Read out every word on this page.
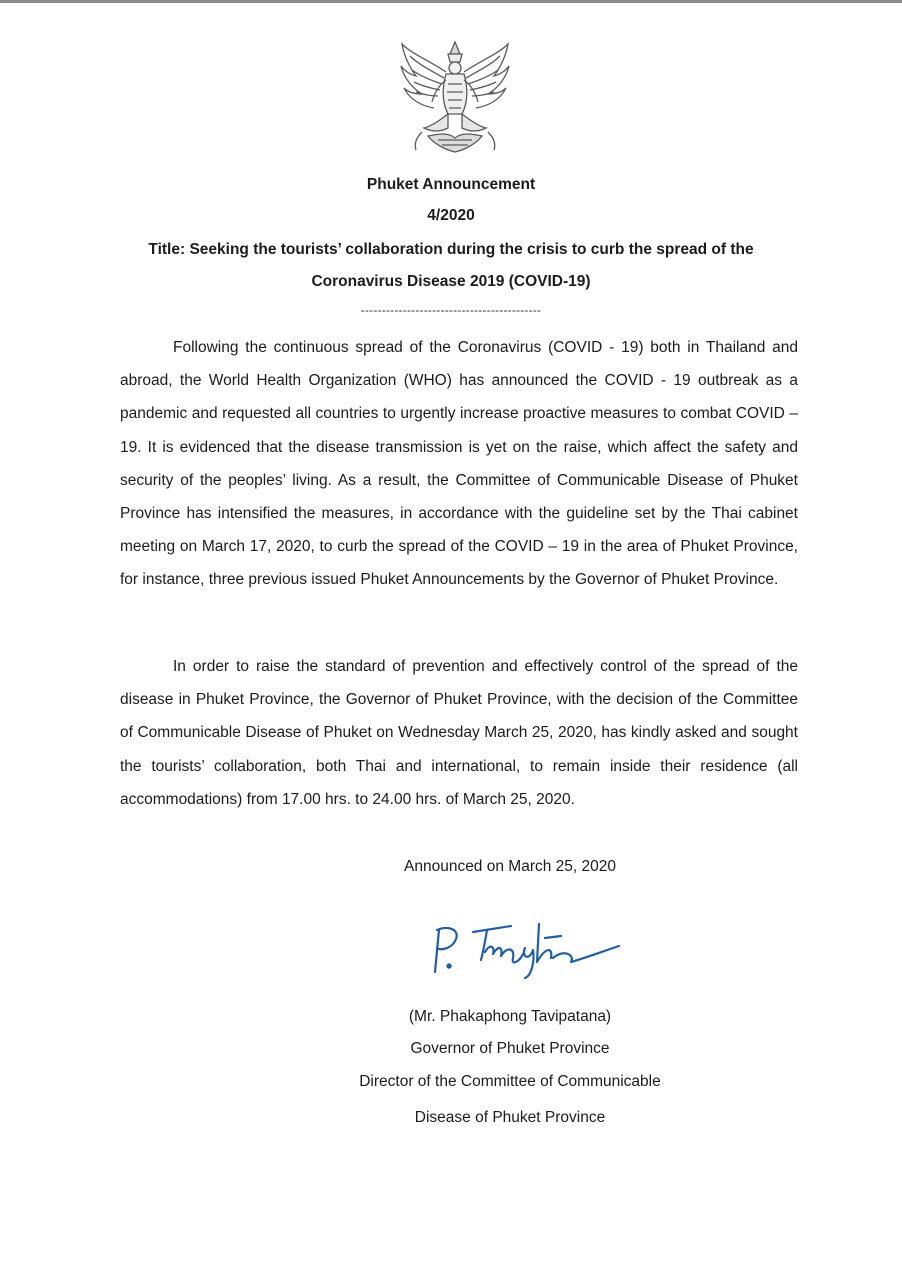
Phuket Announcement
4/2020
Title: Seeking the tourists’ collaboration during the crisis to curb the spread of the
Coronavirus Disease 2019 (COVID-19)
-------------------------------------------

Following the continuous spread of the Coronavirus (COVID - 19) both in Thailand and abroad, the World Health Organization (WHO) has announced the COVID - 19 outbreak as a pandemic and requested all countries to urgently increase proactive measures to combat COVID – 19. It is evidenced that the disease transmission is yet on the raise, which affect the safety and security of the peoples’ living. As a result, the Committee of Communicable Disease of Phuket Province has intensified the measures, in accordance with the guideline set by the Thai cabinet meeting on March 17, 2020, to curb the spread of the COVID – 19 in the area of Phuket Province, for instance, three previous issued Phuket Announcements by the Governor of Phuket Province.

In order to raise the standard of prevention and effectively control of the spread of the disease in Phuket Province, the Governor of Phuket Province, with the decision of the Committee of Communicable Disease of Phuket on Wednesday March 25, 2020, has kindly asked and sought the tourists’ collaboration, both Thai and international, to remain inside their residence (all accommodations) from 17.00 hrs. to 24.00 hrs. of March 25, 2020.

Announced on March 25, 2020
(Mr. Phakaphong Tavipatana)
Governor of Phuket Province
Director of the Committee of Communicable
Disease of Phuket Province
